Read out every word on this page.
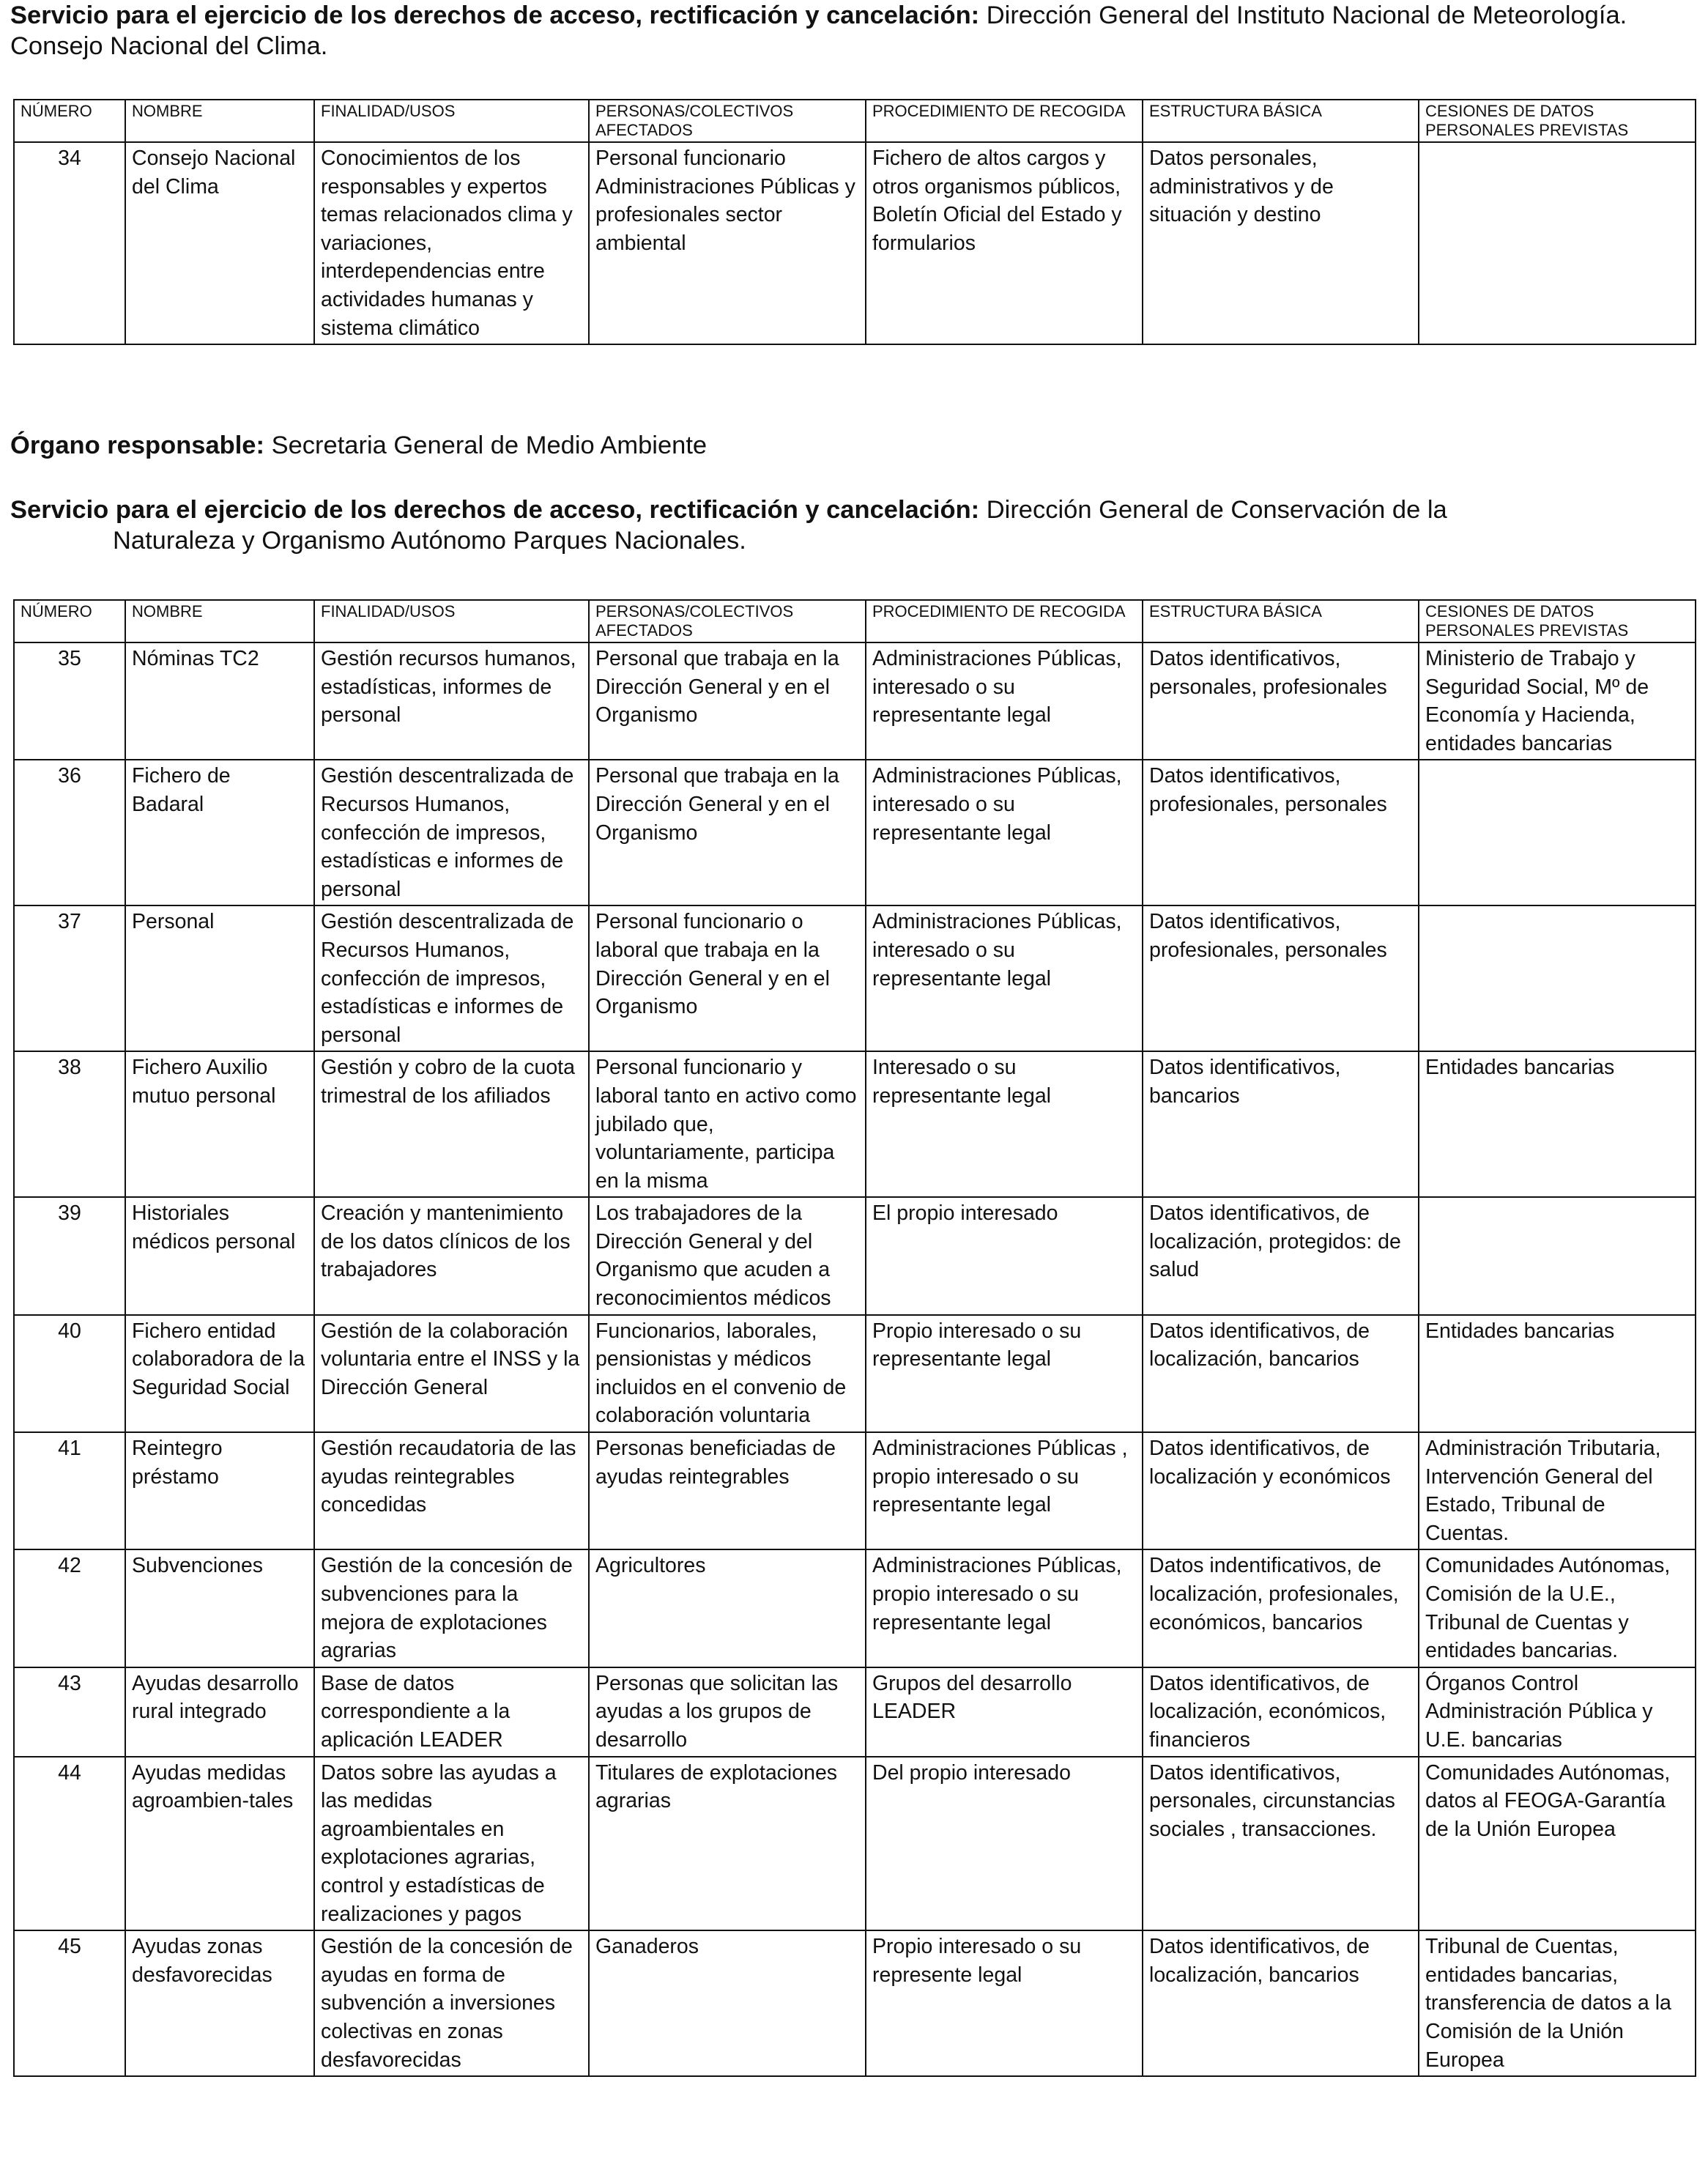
Servicio para el ejercicio de los derechos de acceso, rectificación y cancelación: Dirección General del Instituto Nacional de Meteorología. Consejo Nacional del Clima.

NÚMERO	NOMBRE	FINALIDAD/USOS	PERSONAS/COLECTIVOS AFECTADOS	PROCEDIMIENTO DE RECOGIDA	ESTRUCTURA BÁSICA	CESIONES DE DATOS PERSONALES PREVISTAS
34	Consejo Nacional del Clima	Conocimientos de los responsables y expertos temas relacionados clima y variaciones, interdependencias entre actividades humanas y sistema climático	Personal funcionario Administraciones Públicas y profesionales sector ambiental	Fichero de altos cargos y otros organismos públicos, Boletín Oficial del Estado y formularios	Datos personales, administrativos y de situación y destino	

Órgano responsable: Secretaria General de Medio Ambiente

Servicio para el ejercicio de los derechos de acceso, rectificación y cancelación: Dirección General de Conservación de la
Naturaleza y Organismo Autónomo Parques Nacionales.
NÚMERO	NOMBRE	FINALIDAD/USOS	PERSONAS/COLECTIVOS AFECTADOS	PROCEDIMIENTO DE RECOGIDA	ESTRUCTURA BÁSICA	CESIONES DE DATOS PERSONALES PREVISTAS
35	Nóminas TC2	Gestión recursos humanos, estadísticas, informes de personal	Personal que trabaja en la Dirección General y en el Organismo	Administraciones Públicas, interesado o su representante legal	Datos identificativos, personales, profesionales	Ministerio de Trabajo y Seguridad Social, Mº de Economía y Hacienda, entidades bancarias
36	Fichero de Badaral	Gestión descentralizada de Recursos Humanos, confección de impresos, estadísticas e informes de personal	Personal que trabaja en la Dirección General y en el Organismo	Administraciones Públicas, interesado o su representante legal	Datos identificativos, profesionales, personales	
37	Personal	Gestión descentralizada de Recursos Humanos, confección de impresos, estadísticas e informes de personal	Personal funcionario o laboral que trabaja en la Dirección General y en el Organismo	Administraciones Públicas, interesado o su representante legal	Datos identificativos, profesionales, personales	
38	Fichero Auxilio mutuo personal	Gestión y cobro de la cuota trimestral de los afiliados	Personal funcionario y laboral tanto en activo como jubilado que, voluntariamente, participa en la misma	Interesado o su representante legal	Datos identificativos, bancarios	Entidades bancarias
39	Historiales médicos personal	Creación y mantenimiento de los datos clínicos de los trabajadores	Los trabajadores de la Dirección General y del Organismo que acuden a reconocimientos médicos	El propio interesado	Datos identificativos, de localización, protegidos: de salud	
40	Fichero entidad colaboradora de la Seguridad Social	Gestión de la colaboración voluntaria entre el INSS y la Dirección General	Funcionarios, laborales, pensionistas y médicos incluidos en el convenio de colaboración voluntaria	Propio interesado o su representante legal	Datos identificativos, de localización, bancarios	Entidades bancarias
41	Reintegro préstamo	Gestión recaudatoria de las ayudas reintegrables concedidas	Personas beneficiadas de ayudas reintegrables	Administraciones Públicas , propio interesado o su representante legal	Datos identificativos, de localización y económicos	Administración Tributaria, Intervención General del Estado, Tribunal de Cuentas.
42	Subvenciones	Gestión de la concesión de subvenciones para la mejora de explotaciones agrarias	Agricultores	Administraciones Públicas, propio interesado o su representante legal	Datos indentificativos, de localización, profesionales, económicos, bancarios	Comunidades Autónomas, Comisión de la U.E., Tribunal de Cuentas y entidades bancarias.
43	Ayudas desarrollo rural integrado	Base de datos correspondiente a la aplicación LEADER	Personas que solicitan las ayudas a los grupos de desarrollo	Grupos del desarrollo LEADER	Datos identificativos, de localización, económicos, financieros	Órganos Control Administración Pública y U.E. bancarias
44	Ayudas medidas agroambien-tales	Datos sobre las ayudas a las medidas agroambientales en explotaciones agrarias, control y estadísticas de realizaciones y pagos	Titulares de explotaciones agrarias	Del propio interesado	Datos identificativos, personales, circunstancias sociales , transacciones.	Comunidades Autónomas, datos al FEOGA-Garantía de la Unión Europea
45	Ayudas zonas desfavorecidas	Gestión de la concesión de ayudas en forma de subvención a inversiones colectivas en zonas desfavorecidas	Ganaderos	Propio interesado o su represente legal	Datos identificativos, de localización, bancarios	Tribunal de Cuentas, entidades bancarias, transferencia de datos a la Comisión de la Unión Europea
